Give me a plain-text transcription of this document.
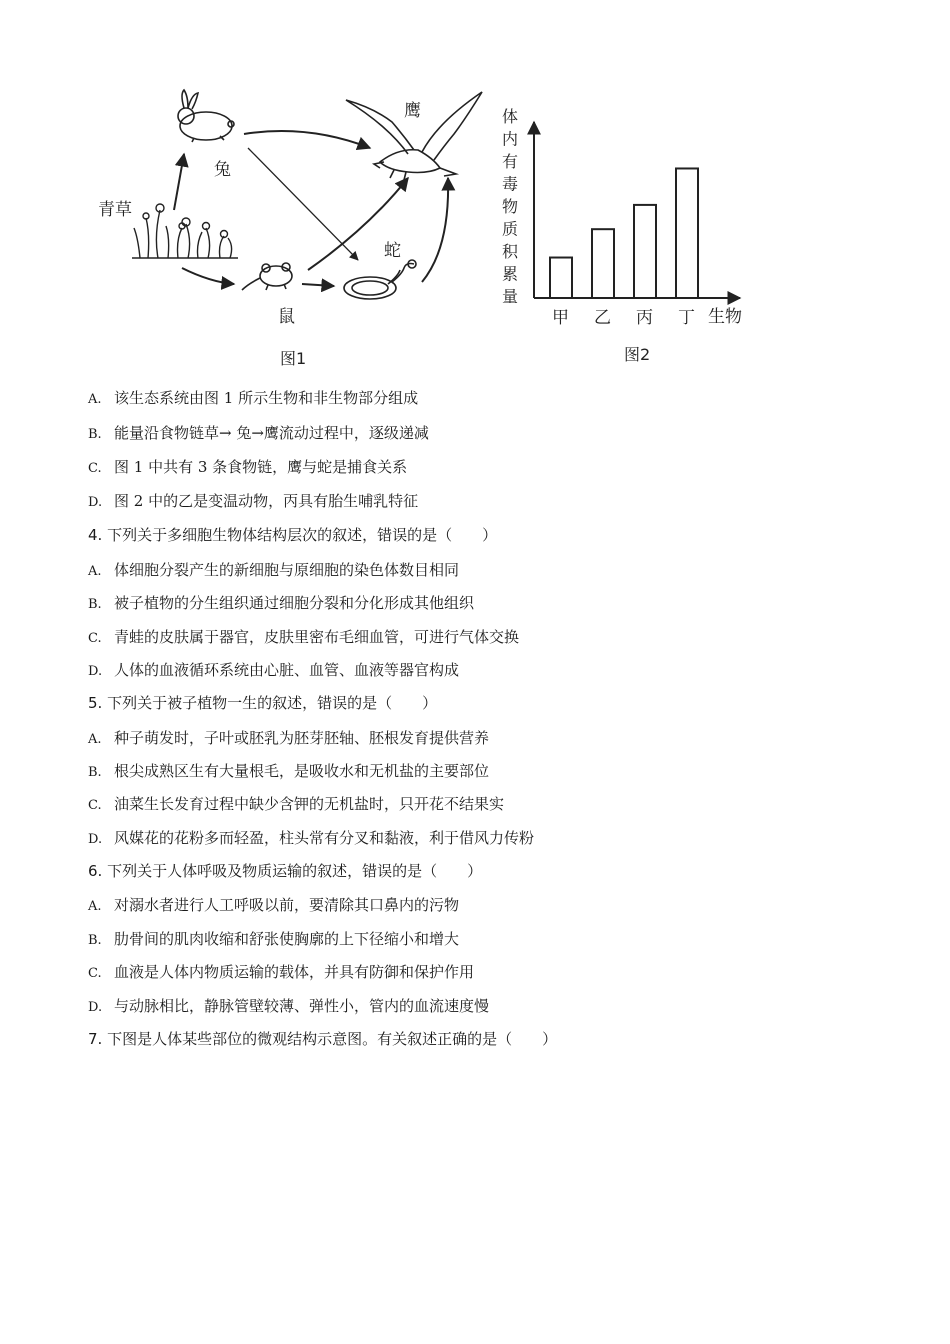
兔
鹰
青草
鼠
蛇
图1
体内有毒物质积累量
甲 乙 丙 丁 生物
图2
A. 该生态系统由图 1 所示生物和非生物部分组成
B. 能量沿食物链草→ 兔→鹰流动过程中，逐级递减
C. 图 1 中共有 3 条食物链，鹰与蛇是捕食关系
D. 图 2 中的乙是变温动物，丙具有胎生哺乳特征
4. 下列关于多细胞生物体结构层次的叙述，错误的是（　　）
A. 体细胞分裂产生的新细胞与原细胞的染色体数目相同
B. 被子植物的分生组织通过细胞分裂和分化形成其他组织
C. 青蛙的皮肤属于器官，皮肤里密布毛细血管，可进行气体交换
D. 人体的血液循环系统由心脏、血管、血液等器官构成
5. 下列关于被子植物一生的叙述，错误的是（　　）
A. 种子萌发时，子叶或胚乳为胚芽胚轴、胚根发育提供营养
B. 根尖成熟区生有大量根毛，是吸收水和无机盐的主要部位
C. 油菜生长发育过程中缺少含钾的无机盐时，只开花不结果实
D. 风媒花的花粉多而轻盈，柱头常有分叉和黏液，利于借风力传粉
6. 下列关于人体呼吸及物质运输的叙述，错误的是（　　）
A. 对溺水者进行人工呼吸以前，要清除其口鼻内的污物
B. 肋骨间的肌肉收缩和舒张使胸廓的上下径缩小和增大
C. 血液是人体内物质运输的载体，并具有防御和保护作用
D. 与动脉相比，静脉管壁较薄、弹性小，管内的血流速度慢
7. 下图是人体某些部位的微观结构示意图。有关叙述正确的是（　　）
